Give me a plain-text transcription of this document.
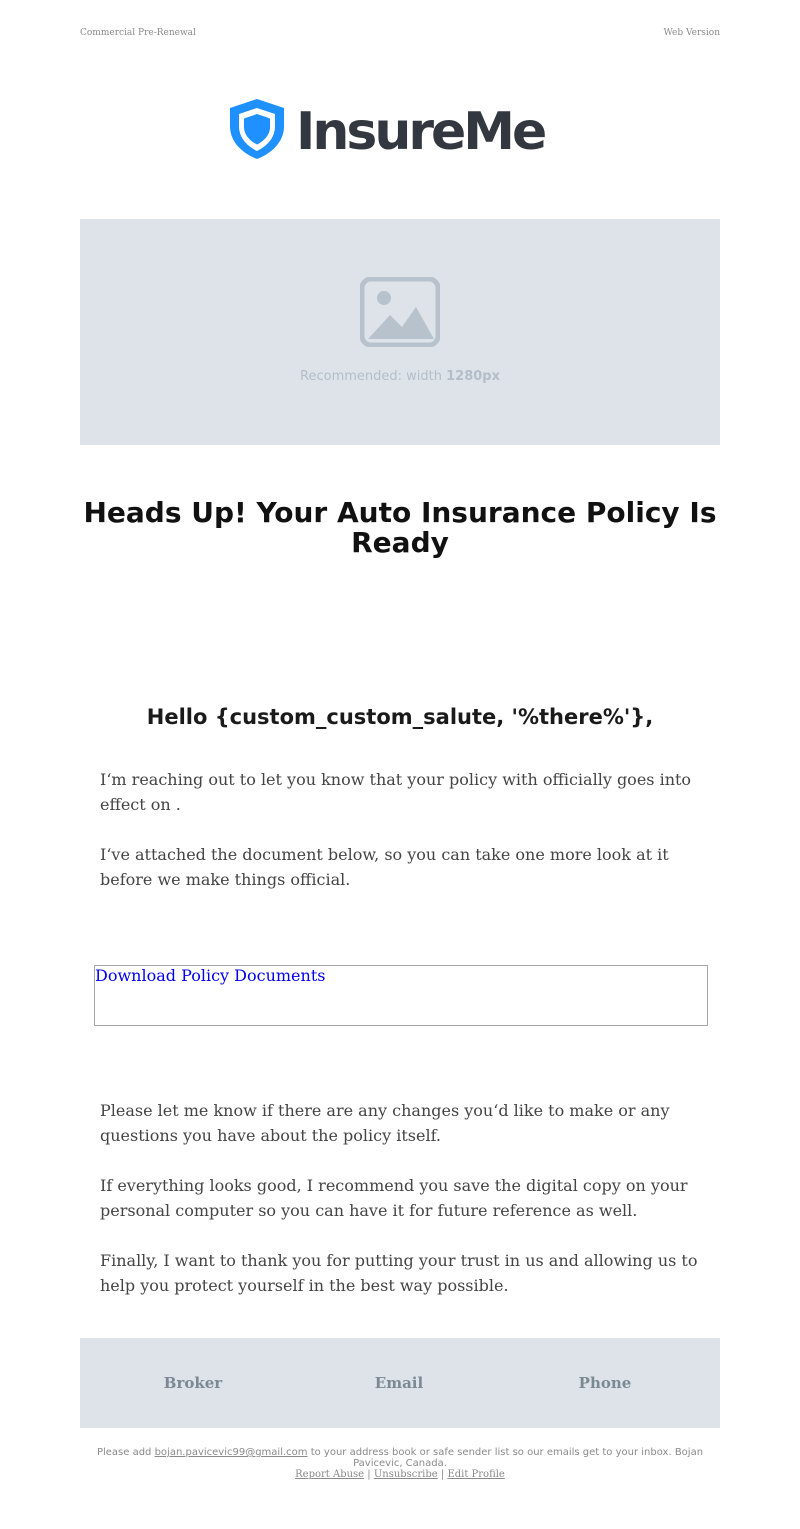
Commercial Pre-Renewal	Web Version
InsureMe
Recommended: width 1280px
Heads Up! Your Auto Insurance Policy Is Ready
Hello {custom_custom_salute, '%there%'},

I‘m reaching out to let you know that your policy with officially goes into effect on .

I‘ve attached the document below, so you can take one more look at it before we make things official.

Download Policy Documents

Please let me know if there are any changes you‘d like to make or any questions you have about the policy itself.

If everything looks good, I recommend you save the digital copy on your personal computer so you can have it for future reference as well.

Finally, I want to thank you for putting your trust in us and allowing us to help you protect yourself in the best way possible.

Broker	Email	Phone
Please add bojan.pavicevic99@gmail.com to your address book or safe sender list so our emails get to your inbox. Bojan Pavicevic, Canada.
Report Abuse | Unsubscribe | Edit Profile
